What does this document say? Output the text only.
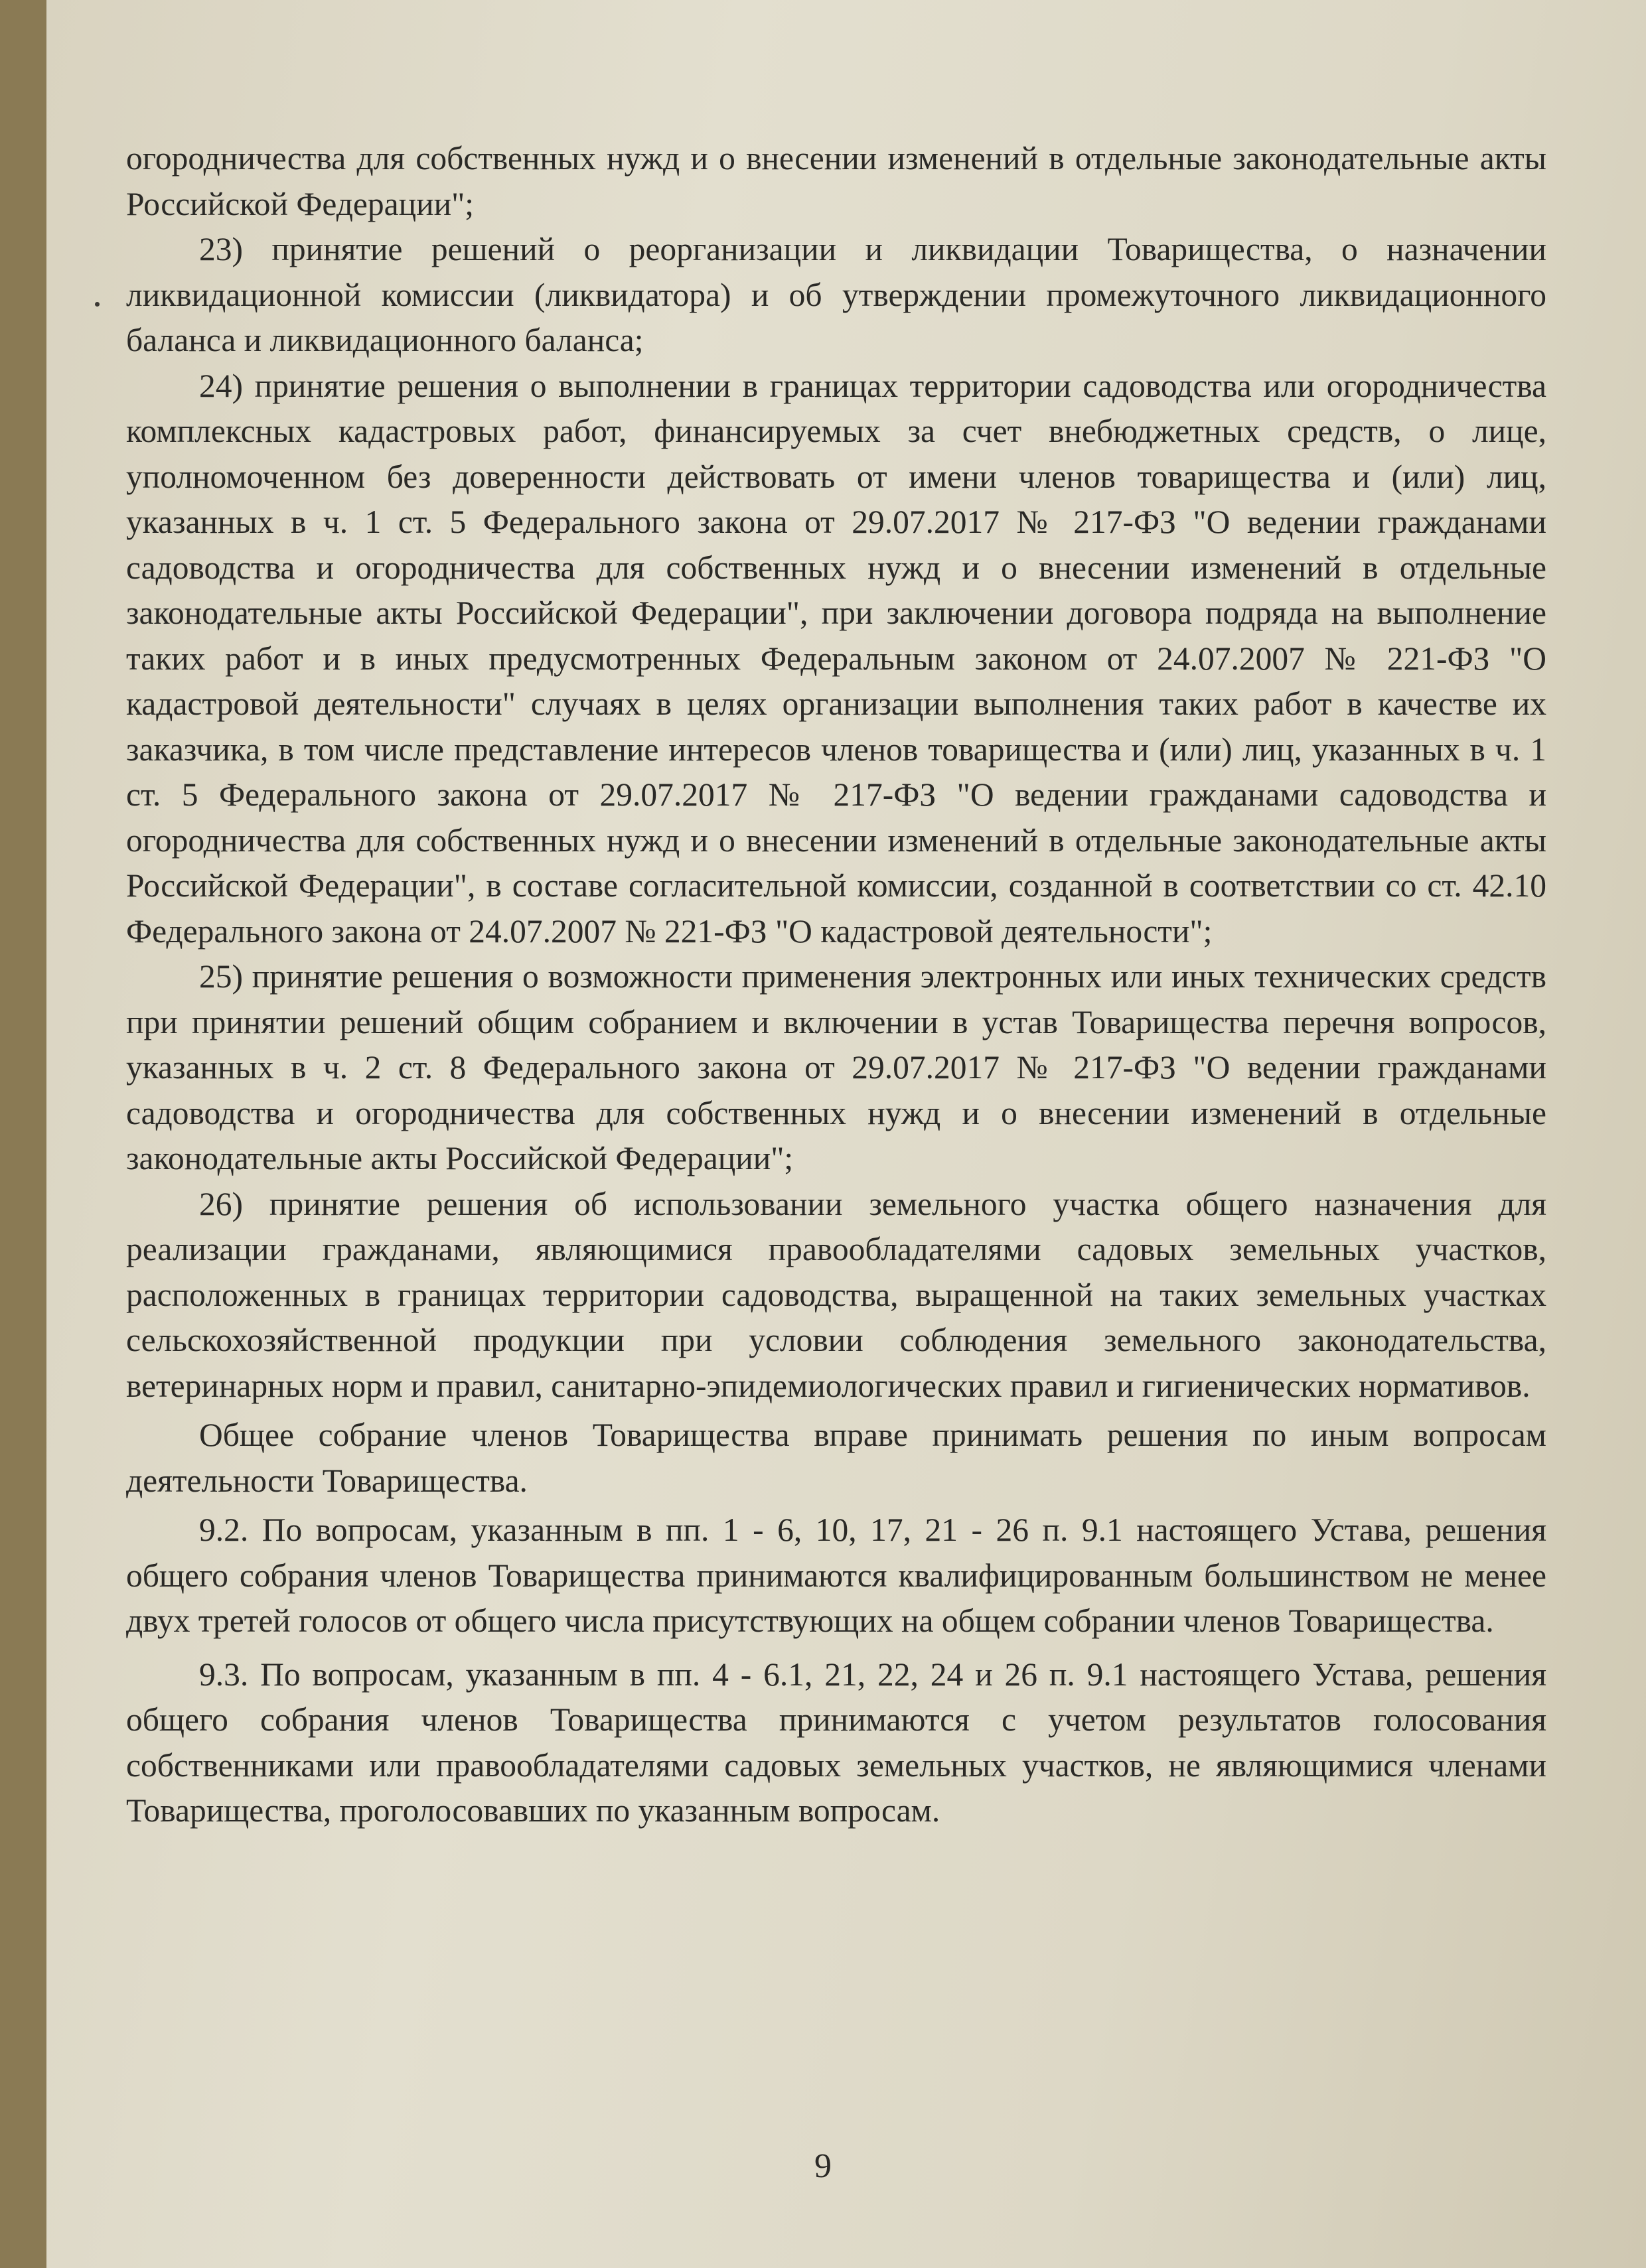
огородничества для собственных нужд и о внесении изменений в отдельные законодательные акты Российской Федерации";

23) принятие решений о реорганизации и ликвидации Товарищества, о назначении ликвидационной комиссии (ликвидатора) и об утверждении промежуточного ликвидационного баланса и ликвидационного баланса;

24) принятие решения о выполнении в границах территории садоводства или огородничества комплексных кадастровых работ, финансируемых за счет внебюджетных средств, о лице, уполномоченном без доверенности действовать от имени членов товарищества и (или) лиц, указанных в ч. 1 ст. 5 Федерального закона от 29.07.2017 № 217-ФЗ "О ведении гражданами садоводства и огородничества для собственных нужд и о внесении изменений в отдельные законодательные акты Российской Федерации", при заключении договора подряда на выполнение таких работ и в иных предусмотренных Федеральным законом от 24.07.2007 № 221-ФЗ "О кадастровой деятельности" случаях в целях организации выполнения таких работ в качестве их заказчика, в том числе представление интересов членов товарищества и (или) лиц, указанных в ч. 1 ст. 5 Федерального закона от 29.07.2017 № 217-ФЗ "О ведении гражданами садоводства и огородничества для собственных нужд и о внесении изменений в отдельные законодательные акты Российской Федерации", в составе согласительной комиссии, созданной в соответствии со ст. 42.10 Федерального закона от 24.07.2007 № 221-ФЗ "О кадастровой деятельности";

25) принятие решения о возможности применения электронных или иных технических средств при принятии решений общим собранием и включении в устав Товарищества перечня вопросов, указанных в ч. 2 ст. 8 Федерального закона от 29.07.2017 № 217-ФЗ "О ведении гражданами садоводства и огородничества для собственных нужд и о внесении изменений в отдельные законодательные акты Российской Федерации";

26) принятие решения об использовании земельного участка общего назначения для реализации гражданами, являющимися правообладателями садовых земельных участков, расположенных в границах территории садоводства, выращенной на таких земельных участках сельскохозяйственной продукции при условии соблюдения земельного законодательства, ветеринарных норм и правил, санитарно-эпидемиологических правил и гигиенических нормативов.

Общее собрание членов Товарищества вправе принимать решения по иным вопросам деятельности Товарищества.

9.2. По вопросам, указанным в пп. 1 - 6, 10, 17, 21 - 26 п. 9.1 настоящего Устава, решения общего собрания членов Товарищества принимаются квалифицированным большинством не менее двух третей голосов от общего числа присутствующих на общем собрании членов Товарищества.

9.3. По вопросам, указанным в пп. 4 - 6.1, 21, 22, 24 и 26 п. 9.1 настоящего Устава, решения общего собрания членов Товарищества принимаются с учетом результатов голосования собственниками или правообладателями садовых земельных участков, не являющимися членами Товарищества, проголосовавших по указанным вопросам.

9
